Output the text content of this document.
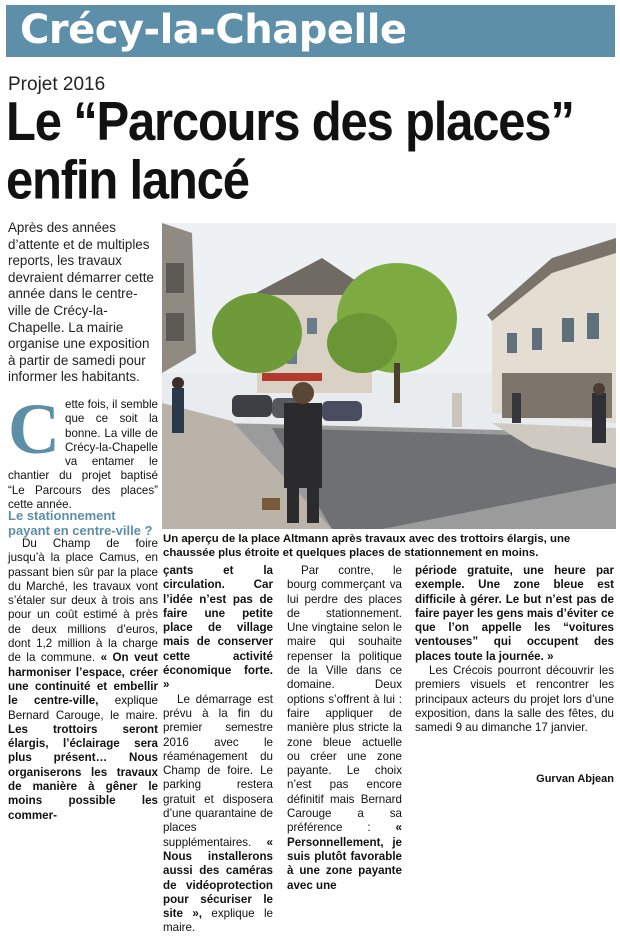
Crécy-la-Chapelle
Projet 2016
Le “Parcours des places”
enfin lancé
Après des années d’attente et de multiples reports, les travaux devraient démarrer cette année dans le centre-ville de Crécy-la-Chapelle. La mairie organise une exposition à partir de samedi pour informer les habitants.

Cette fois, il semble que ce soit la bonne. La ville de Crécy-la-Chapelle va entamer le chantier du projet baptisé “Le Parcours des places” cette année.

Le stationnement payant en centre-ville ?

Du Champ de foire jusqu’à la place Camus, en passant bien sûr par la place du Marché, les travaux vont s’étaler sur deux à trois ans pour un coût estimé à près de deux millions d’euros, dont 1,2 million à la charge de la commune. « On veut harmoniser l’espace, créer une continuité et embellir le centre-ville, explique Bernard Carouge, le maire. Les trottoirs seront élargis, l’éclairage sera plus présent… Nous organiserons les travaux de manière à gêner le moins possible les commer-

Un aperçu de la place Altmann après travaux avec des trottoirs élargis, une chaussée plus étroite et quelques places de stationnement en moins.

çants et la circulation. Car l’idée n’est pas de faire une petite place de village mais de conserver cette activité économique forte. »

Le démarrage est prévu à la fin du premier semestre 2016 avec le réaménagement du Champ de foire. Le parking restera gratuit et disposera d’une quarantaine de places supplémentaires. « Nous installerons aussi des caméras de vidéoprotection pour sécuriser le site », explique le maire.

Par contre, le bourg commerçant va lui perdre des places de stationnement. Une vingtaine selon le maire qui souhaite repenser la politique de la Ville dans ce domaine. Deux options s’offrent à lui : faire appliquer de manière plus stricte la zone bleue actuelle ou créer une zone payante. Le choix n’est pas encore définitif mais Bernard Carouge a sa préférence : « Personnellement, je suis plutôt favorable à une zone payante avec une

période gratuite, une heure par exemple. Une zone bleue est difficile à gérer. Le but n’est pas de faire payer les gens mais d’éviter ce que l’on appelle les “voitures ventouses” qui occupent des places toute la journée. »

Les Crécois pourront découvrir les premiers visuels et rencontrer les principaux acteurs du projet lors d’une exposition, dans la salle des fêtes, du samedi 9 au dimanche 17 janvier.

Gurvan Abjean
